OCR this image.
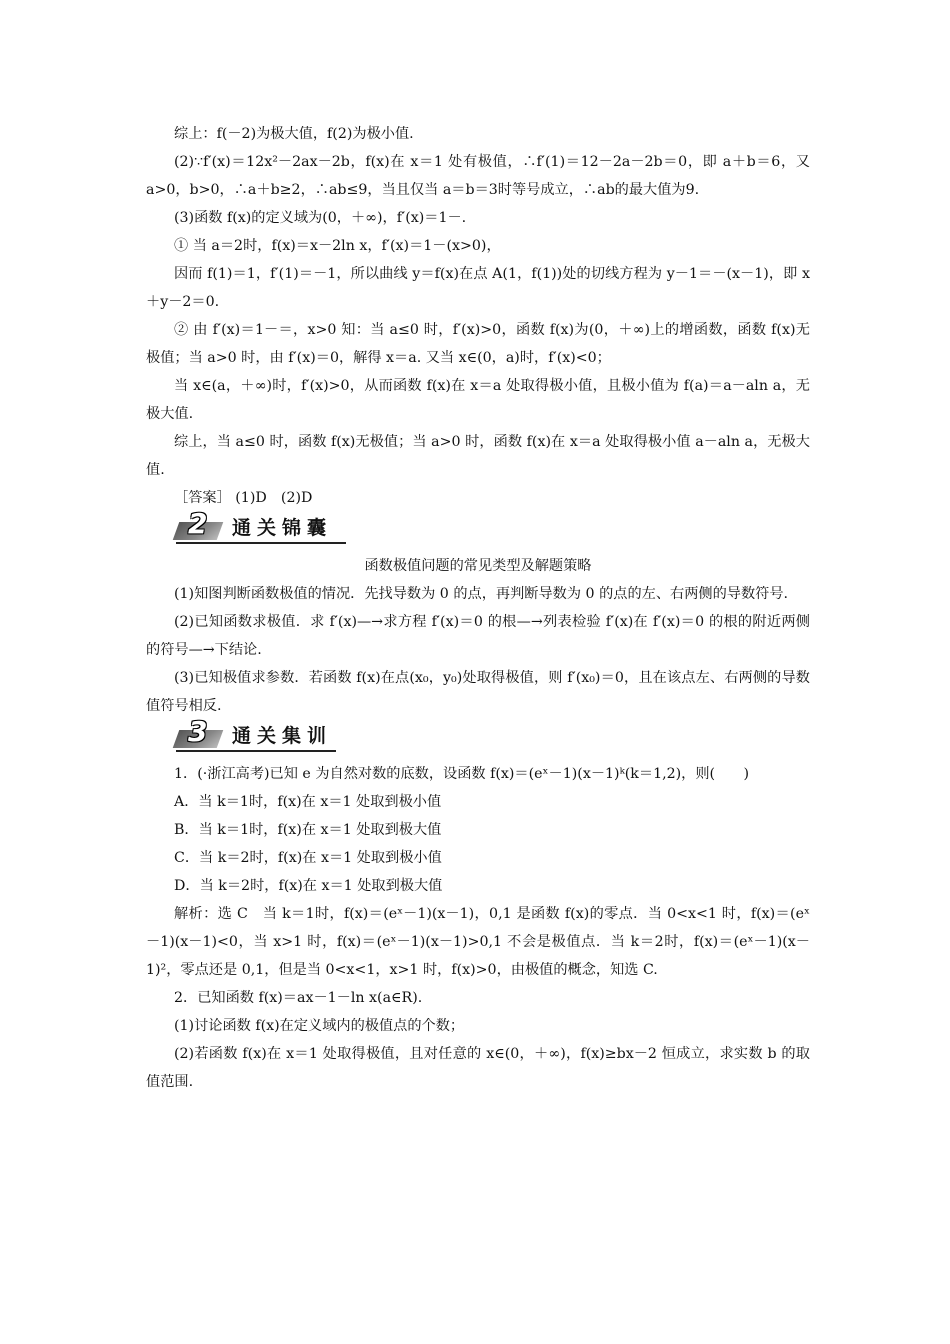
综上：f(－2)为极大值，f(2)为极小值.

(2)∵f′(x)＝12x²－2ax－2b，f(x)在 x＝1 处有极值，∴f′(1)＝12－2a－2b＝0，即 a＋b＝6，又 a>0，b>0，∴a＋b≥2，∴ab≤9，当且仅当 a＝b＝3时等号成立，∴ab的最大值为9.

(3)函数 f(x)的定义域为(0，＋∞)，f′(x)＝1－.

① 当 a＝2时，f(x)＝x－2ln x，f′(x)＝1－(x>0)，

因而 f(1)＝1，f′(1)＝－1，所以曲线 y＝f(x)在点 A(1，f(1))处的切线方程为 y－1＝－(x－1)，即 x＋y－2＝0.

② 由 f′(x)＝1－＝，x>0 知：当 a≤0 时，f′(x)>0，函数 f(x)为(0，＋∞)上的增函数，函数 f(x)无极值；当 a>0 时，由 f′(x)＝0，解得 x＝a. 又当 x∈(0，a)时，f′(x)<0；

当 x∈(a，＋∞)时，f′(x)>0，从而函数 f(x)在 x＝a 处取得极小值，且极小值为 f(a)＝a－aln a，无极大值.

综上，当 a≤0 时，函数 f(x)无极值；当 a>0 时，函数 f(x)在 x＝a 处取得极小值 a－aln a，无极大值.

［答案］ (1)D　(2)D

2 通关锦囊

函数极值问题的常见类型及解题策略

(1)知图判断函数极值的情况．先找导数为 0 的点，再判断导数为 0 的点的左、右两侧的导数符号.

(2)已知函数求极值．求 f′(x)—→求方程 f′(x)＝0 的根—→列表检验 f′(x)在 f′(x)＝0 的根的附近两侧的符号—→下结论.

(3)已知极值求参数．若函数 f(x)在点(x₀，y₀)处取得极值，则 f′(x₀)＝0，且在该点左、右两侧的导数值符号相反.

3 通关集训

1．(·浙江高考)已知 e 为自然对数的底数，设函数 f(x)＝(eˣ－1)(x－1)ᵏ(k＝1,2)，则(　　)

A．当 k＝1时，f(x)在 x＝1 处取到极小值

B．当 k＝1时，f(x)在 x＝1 处取到极大值

C．当 k＝2时，f(x)在 x＝1 处取到极小值

D．当 k＝2时，f(x)在 x＝1 处取到极大值

解析：选 C　当 k＝1时，f(x)＝(eˣ－1)(x－1)，0,1 是函数 f(x)的零点．当 0<x<1 时，f(x)＝(eˣ－1)(x－1)<0，当 x>1 时，f(x)＝(eˣ－1)(x－1)>0,1 不会是极值点．当 k＝2时，f(x)＝(eˣ－1)(x－1)²，零点还是 0,1，但是当 0<x<1，x>1 时，f(x)>0，由极值的概念，知选 C.

2．已知函数 f(x)＝ax－1－ln x(a∈R).

(1)讨论函数 f(x)在定义域内的极值点的个数；

(2)若函数 f(x)在 x＝1 处取得极值，且对任意的 x∈(0，＋∞)，f(x)≥bx－2 恒成立，求实数 b 的取值范围.
